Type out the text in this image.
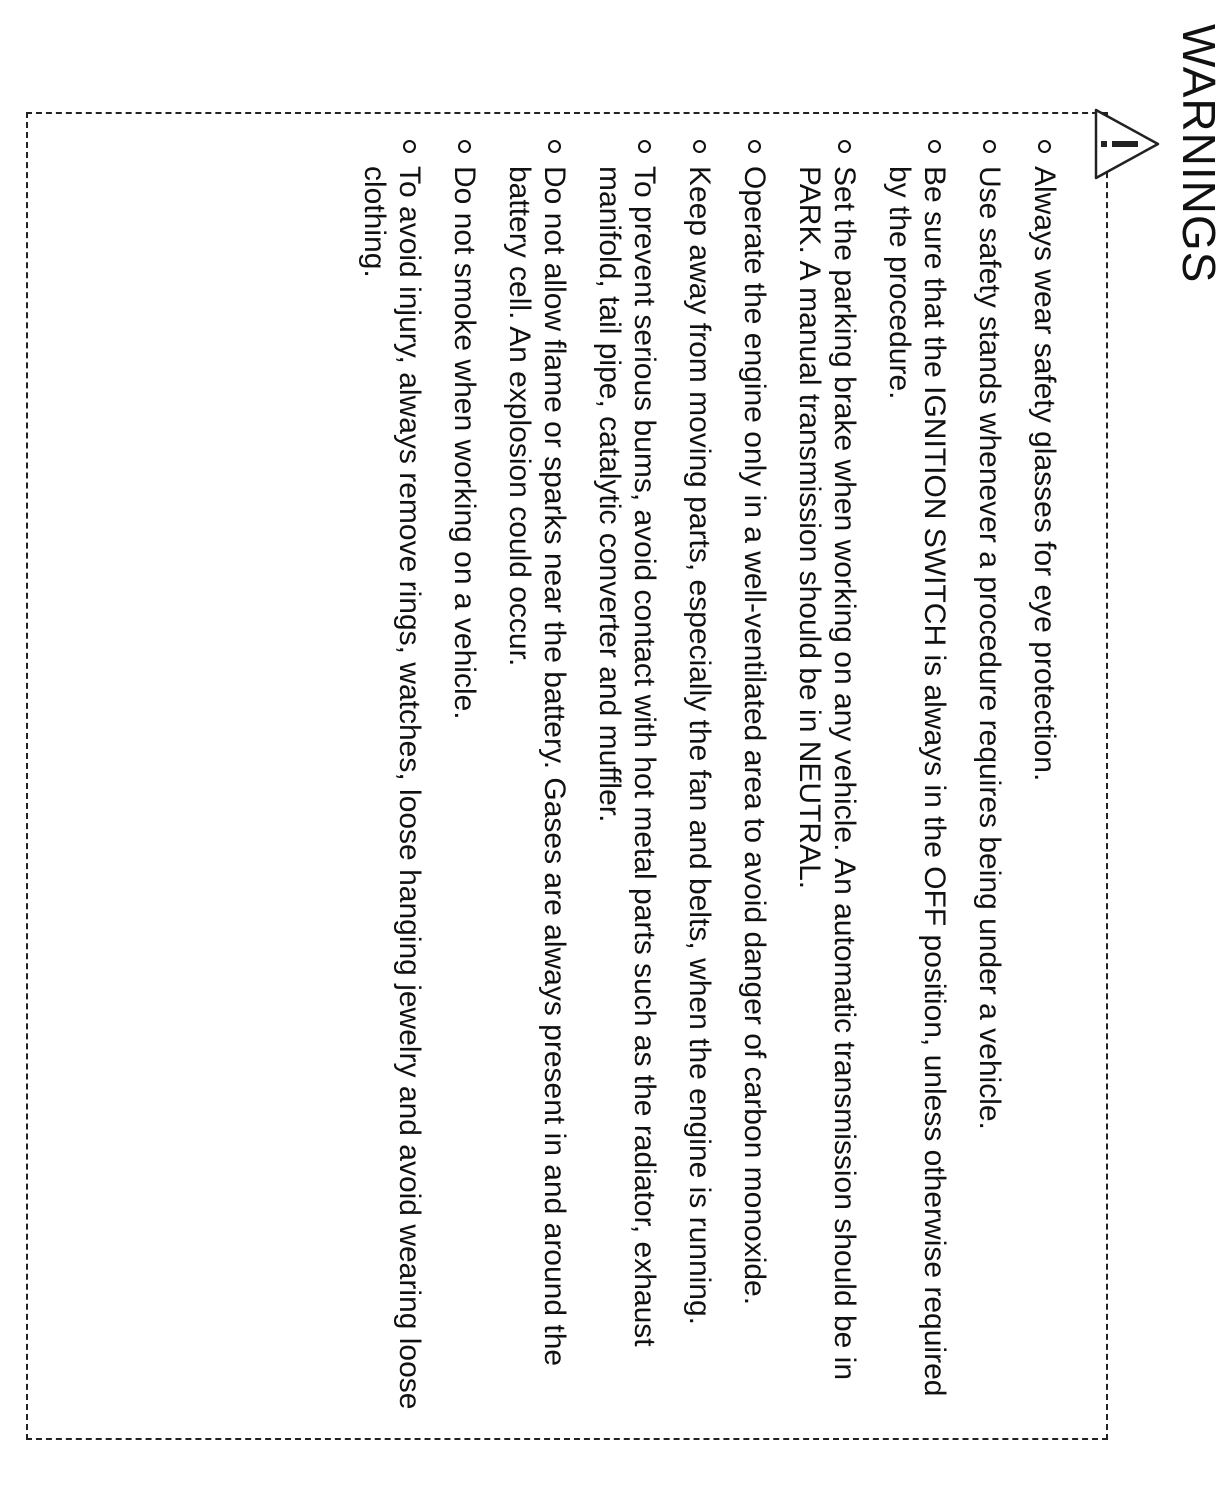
WARNINGS
Always wear safety glasses for eye protection.
Use safety stands whenever a procedure requires being under a vehicle.
Be sure that the IGNITION SWITCH is always in the OFF position, unless otherwise required by the procedure.
Set the parking brake when working on any vehicle. An automatic transmission should be in PARK. A manual transmission should be in NEUTRAL.
Operate the engine only in a well-ventilated area to avoid danger of carbon monoxide.
Keep away from moving parts, especially the fan and belts, when the engine is running.
To prevent serious bums, avoid contact with hot metal parts such as the radiator, exhaust manifold, tail pipe, catalytic converter and muffler.
Do not allow flame or sparks near the battery. Gases are always present in and around the battery cell. An explosion could occur.
Do not smoke when working on a vehicle.
To avoid injury, always remove rings, watches, loose hanging jewelry and avoid wearing loose clothing.
